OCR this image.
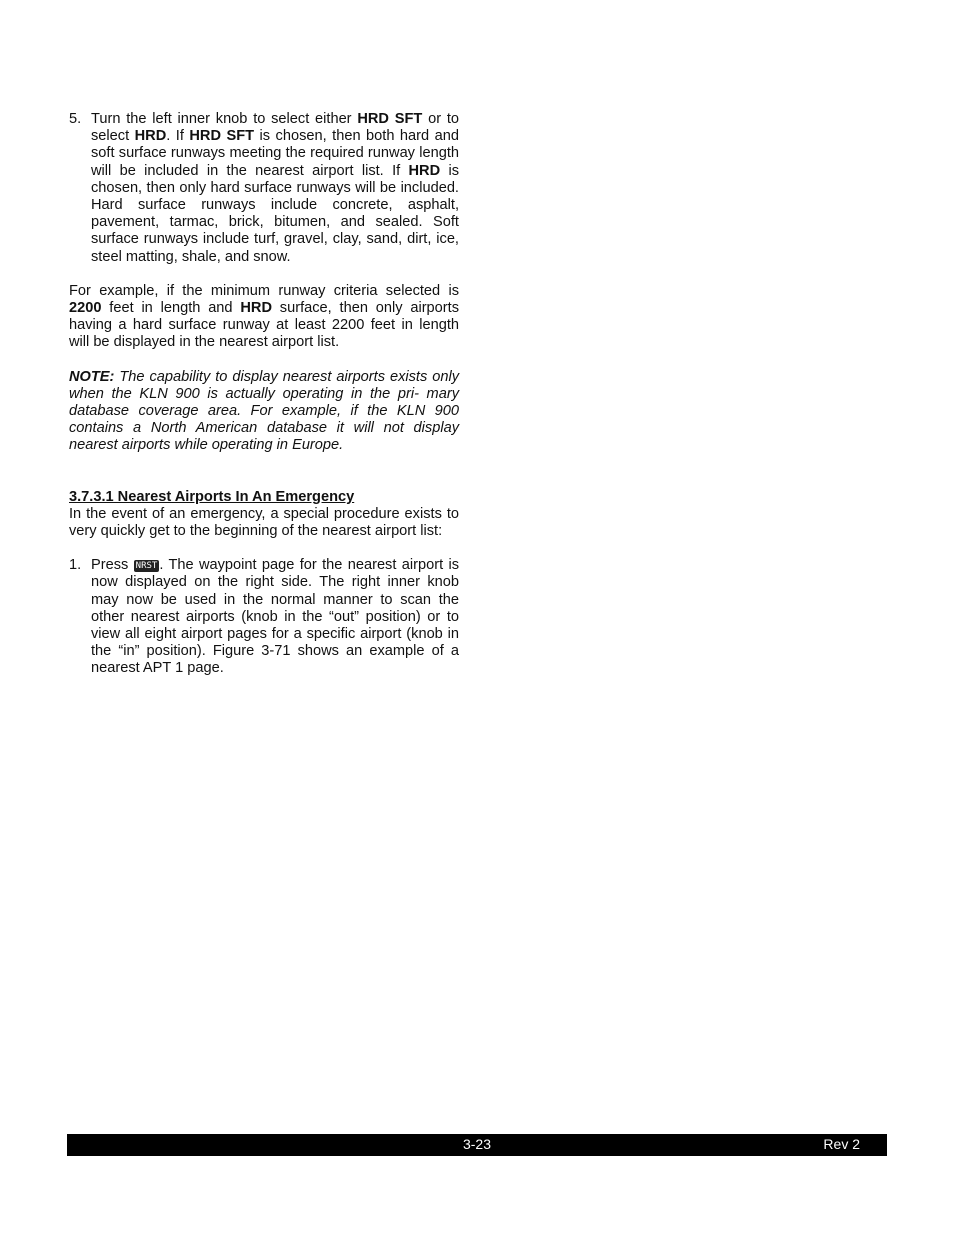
5. Turn the left inner knob to select either HRD SFT or to select HRD. If HRD SFT is chosen, then both hard and soft surface runways meeting the required runway length will be included in the nearest airport list. If HRD is chosen, then only hard surface runways will be included. Hard surface runways include concrete, asphalt, pavement, tarmac, brick, bitumen, and sealed. Soft surface runways include turf, gravel, clay, sand, dirt, ice, steel matting, shale, and snow.

For example, if the minimum runway criteria selected is 2200 feet in length and HRD surface, then only airports having a hard surface runway at least 2200 feet in length will be displayed in the nearest airport list.

NOTE: The capability to display nearest airports exists only when the KLN 900 is actually operating in the pri- mary database coverage area. For example, if the KLN 900 contains a North American database it will not display nearest airports while operating in Europe.

3.7.3.1 Nearest Airports In An Emergency

In the event of an emergency, a special procedure exists to very quickly get to the beginning of the nearest airport list:

1. Press NRST . The waypoint page for the nearest airport is now displayed on the right side. The right inner knob may now be used in the normal manner to scan the other nearest airports (knob in the “out” position) or to view all eight airport pages for a specific airport (knob in the “in” position). Figure 3-71 shows an example of a nearest APT 1 page.
3-23	Rev 2
